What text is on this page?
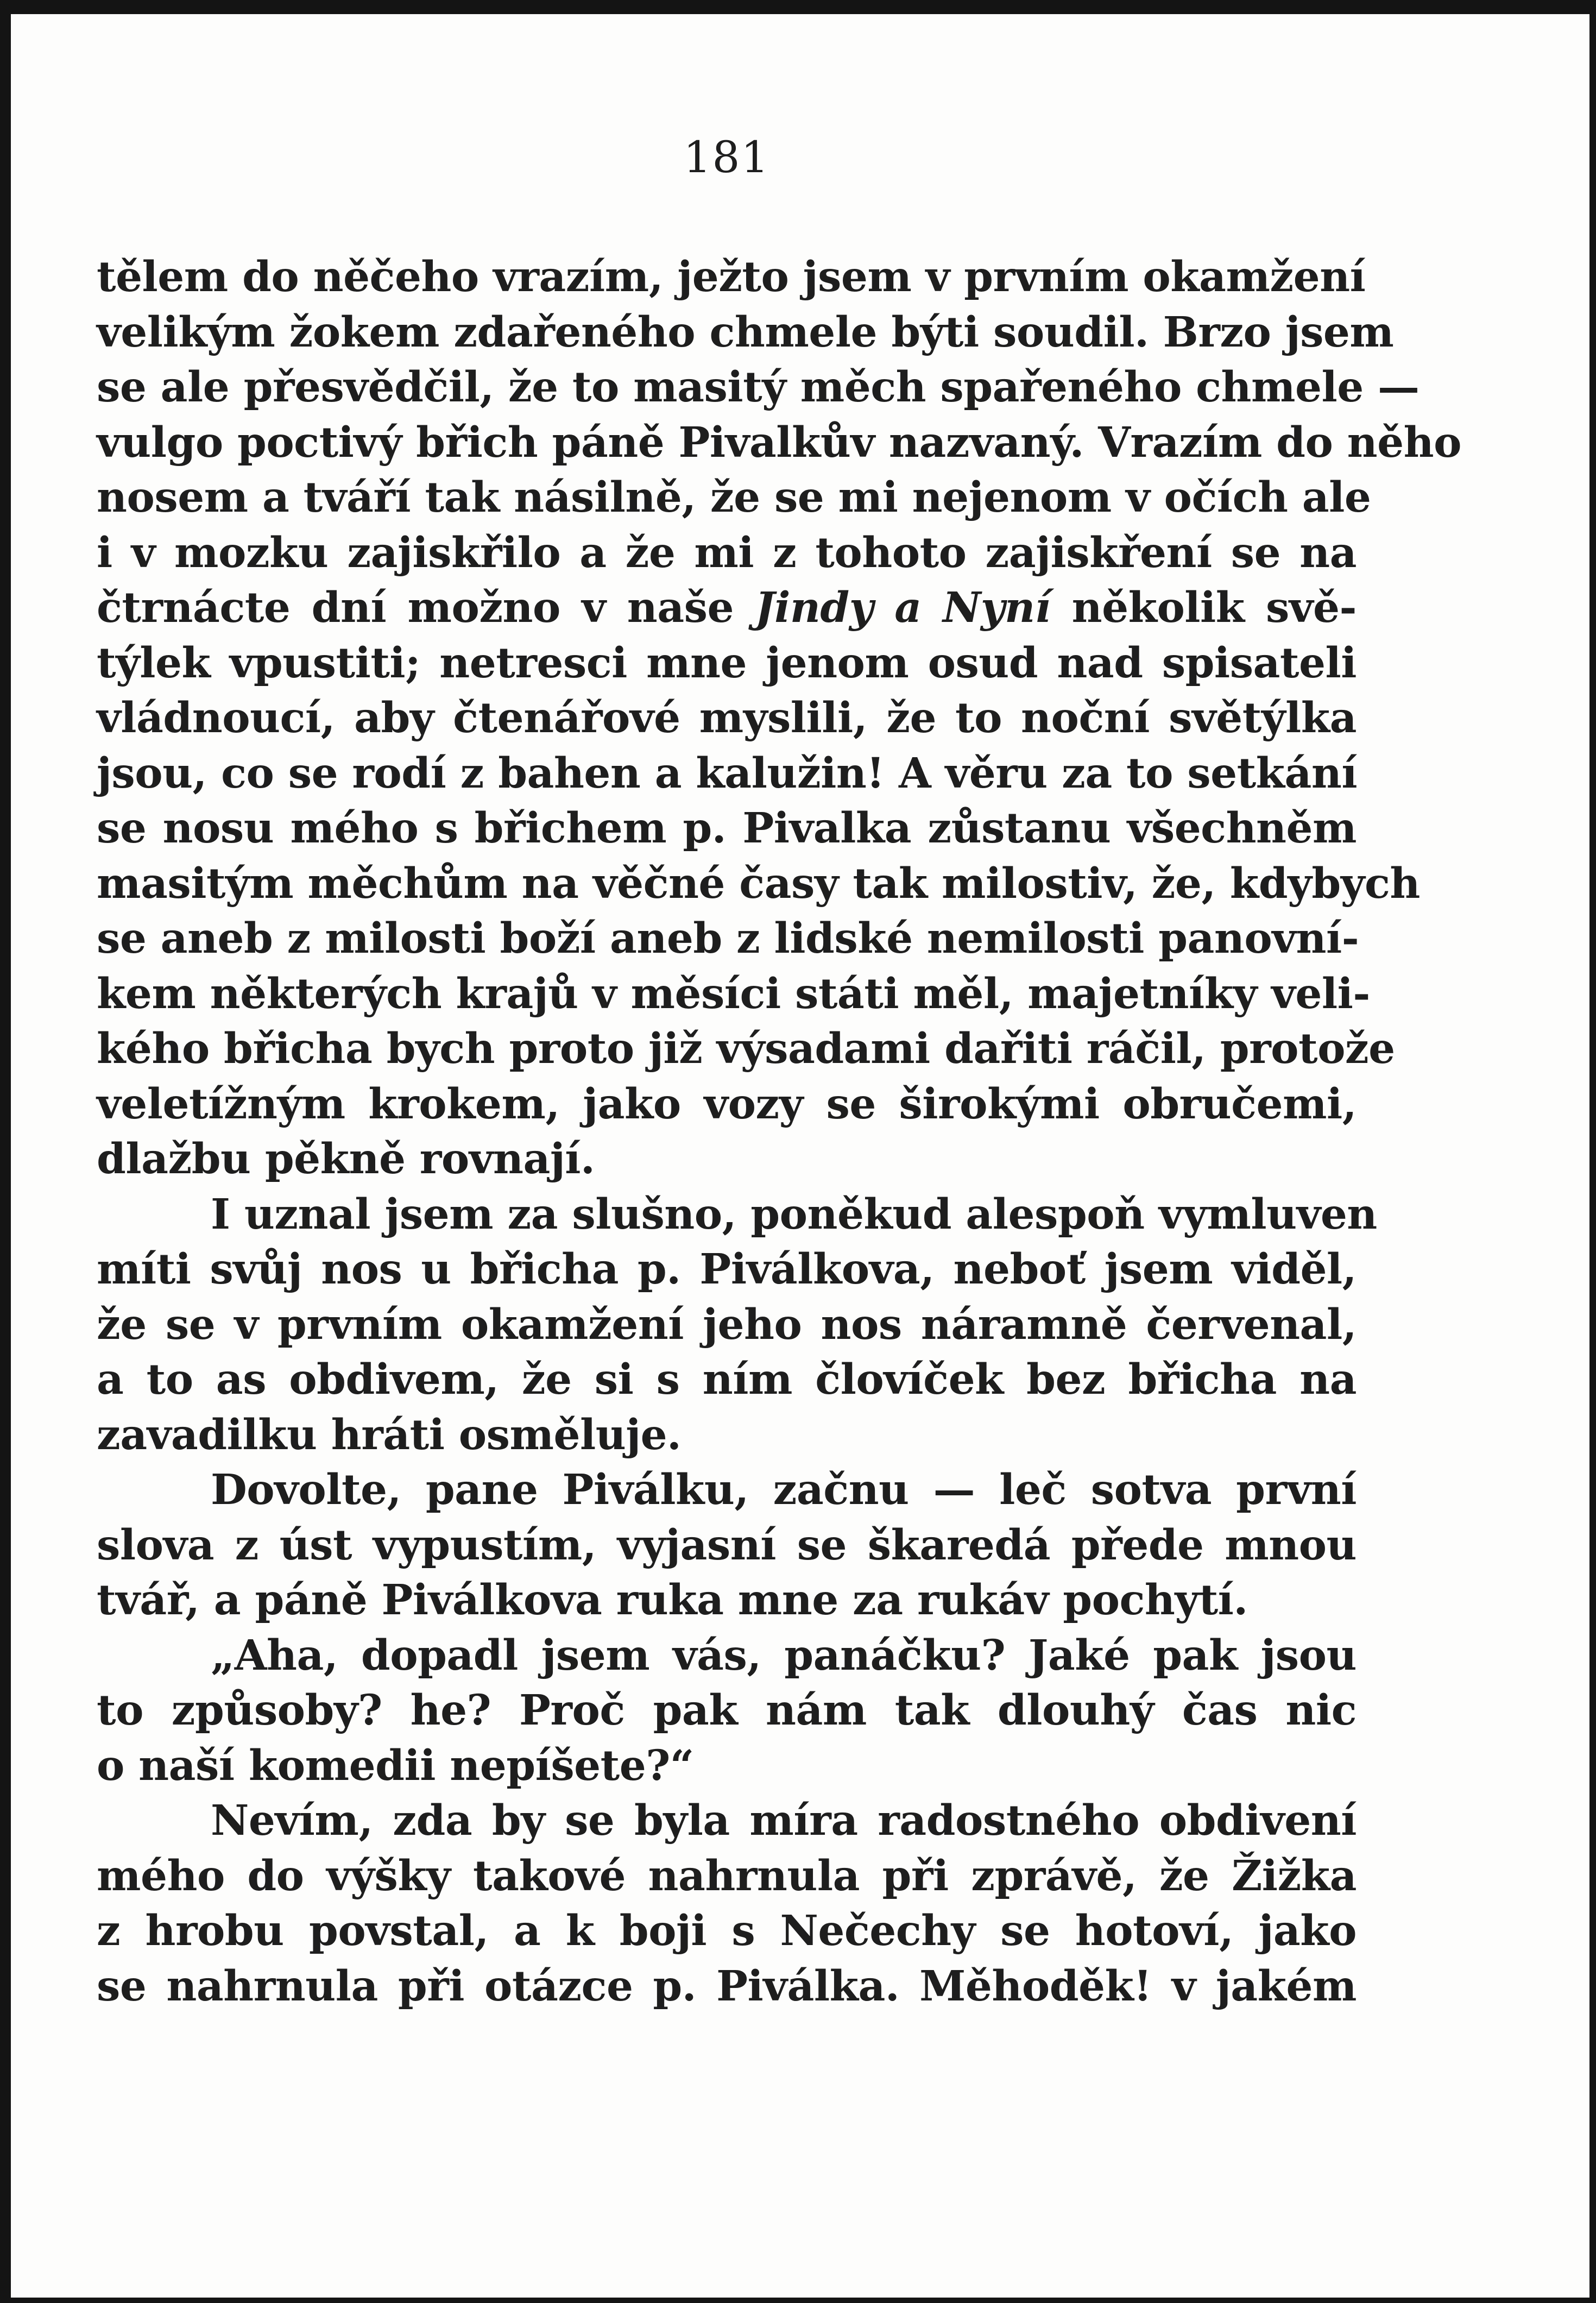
181
tělem do něčeho vrazím, ježto jsem v prvním okamžení
velikým žokem zdařeného chmele býti soudil. Brzo jsem
se ale přesvědčil, že to masitý měch spařeného chmele —
vulgo poctivý břich páně Pivalkův nazvaný. Vrazím do něho
nosem a tváří tak násilně, že se mi nejenom v očích ale
i v mozku zajiskřilo a že mi z tohoto zajiskření se na
čtrnácte dní možno v naše Jindy a Nyní několik svě-
týlek vpustiti; netresci mne jenom osud nad spisateli
vládnoucí, aby čtenářové myslili, že to noční světýlka
jsou, co se rodí z bahen a kalužin! A věru za to setkání
se nosu mého s břichem p. Pivalka zůstanu všechněm
masitým měchům na věčné časy tak milostiv, že, kdybych
se aneb z milosti boží aneb z lidské nemilosti panovní-
kem některých krajů v měsíci státi měl, majetníky veli-
kého břicha bych proto již výsadami dařiti ráčil, protože
veletížným krokem, jako vozy se širokými obručemi,
dlažbu pěkně rovnají.
I uznal jsem za slušno, poněkud alespoň vymluven
míti svůj nos u břicha p. Piválkova, neboť jsem viděl,
že se v prvním okamžení jeho nos náramně červenal,
a to as obdivem, že si s ním človíček bez břicha na
zavadilku hráti osměluje.
Dovolte, pane Piválku, začnu — leč sotva první
slova z úst vypustím, vyjasní se škaredá předе mnou
tvář, a páně Piválkova ruka mne za rukáv pochytí.
„Aha, dopadl jsem vás, panáčku? Jaké pak jsou
to způsoby? he? Proč pak nám tak dlouhý čas nic
o naší komedii nepíšete?“
Nevím, zda by se byla míra radostného obdivení
mého do výšky takové nahrnula při zprávě, že Žižka
z hrobu povstal, a k boji s Nečechy se hotoví, jako
se nahrnula při otázce p. Piválka. Měhoděk! v jakém
